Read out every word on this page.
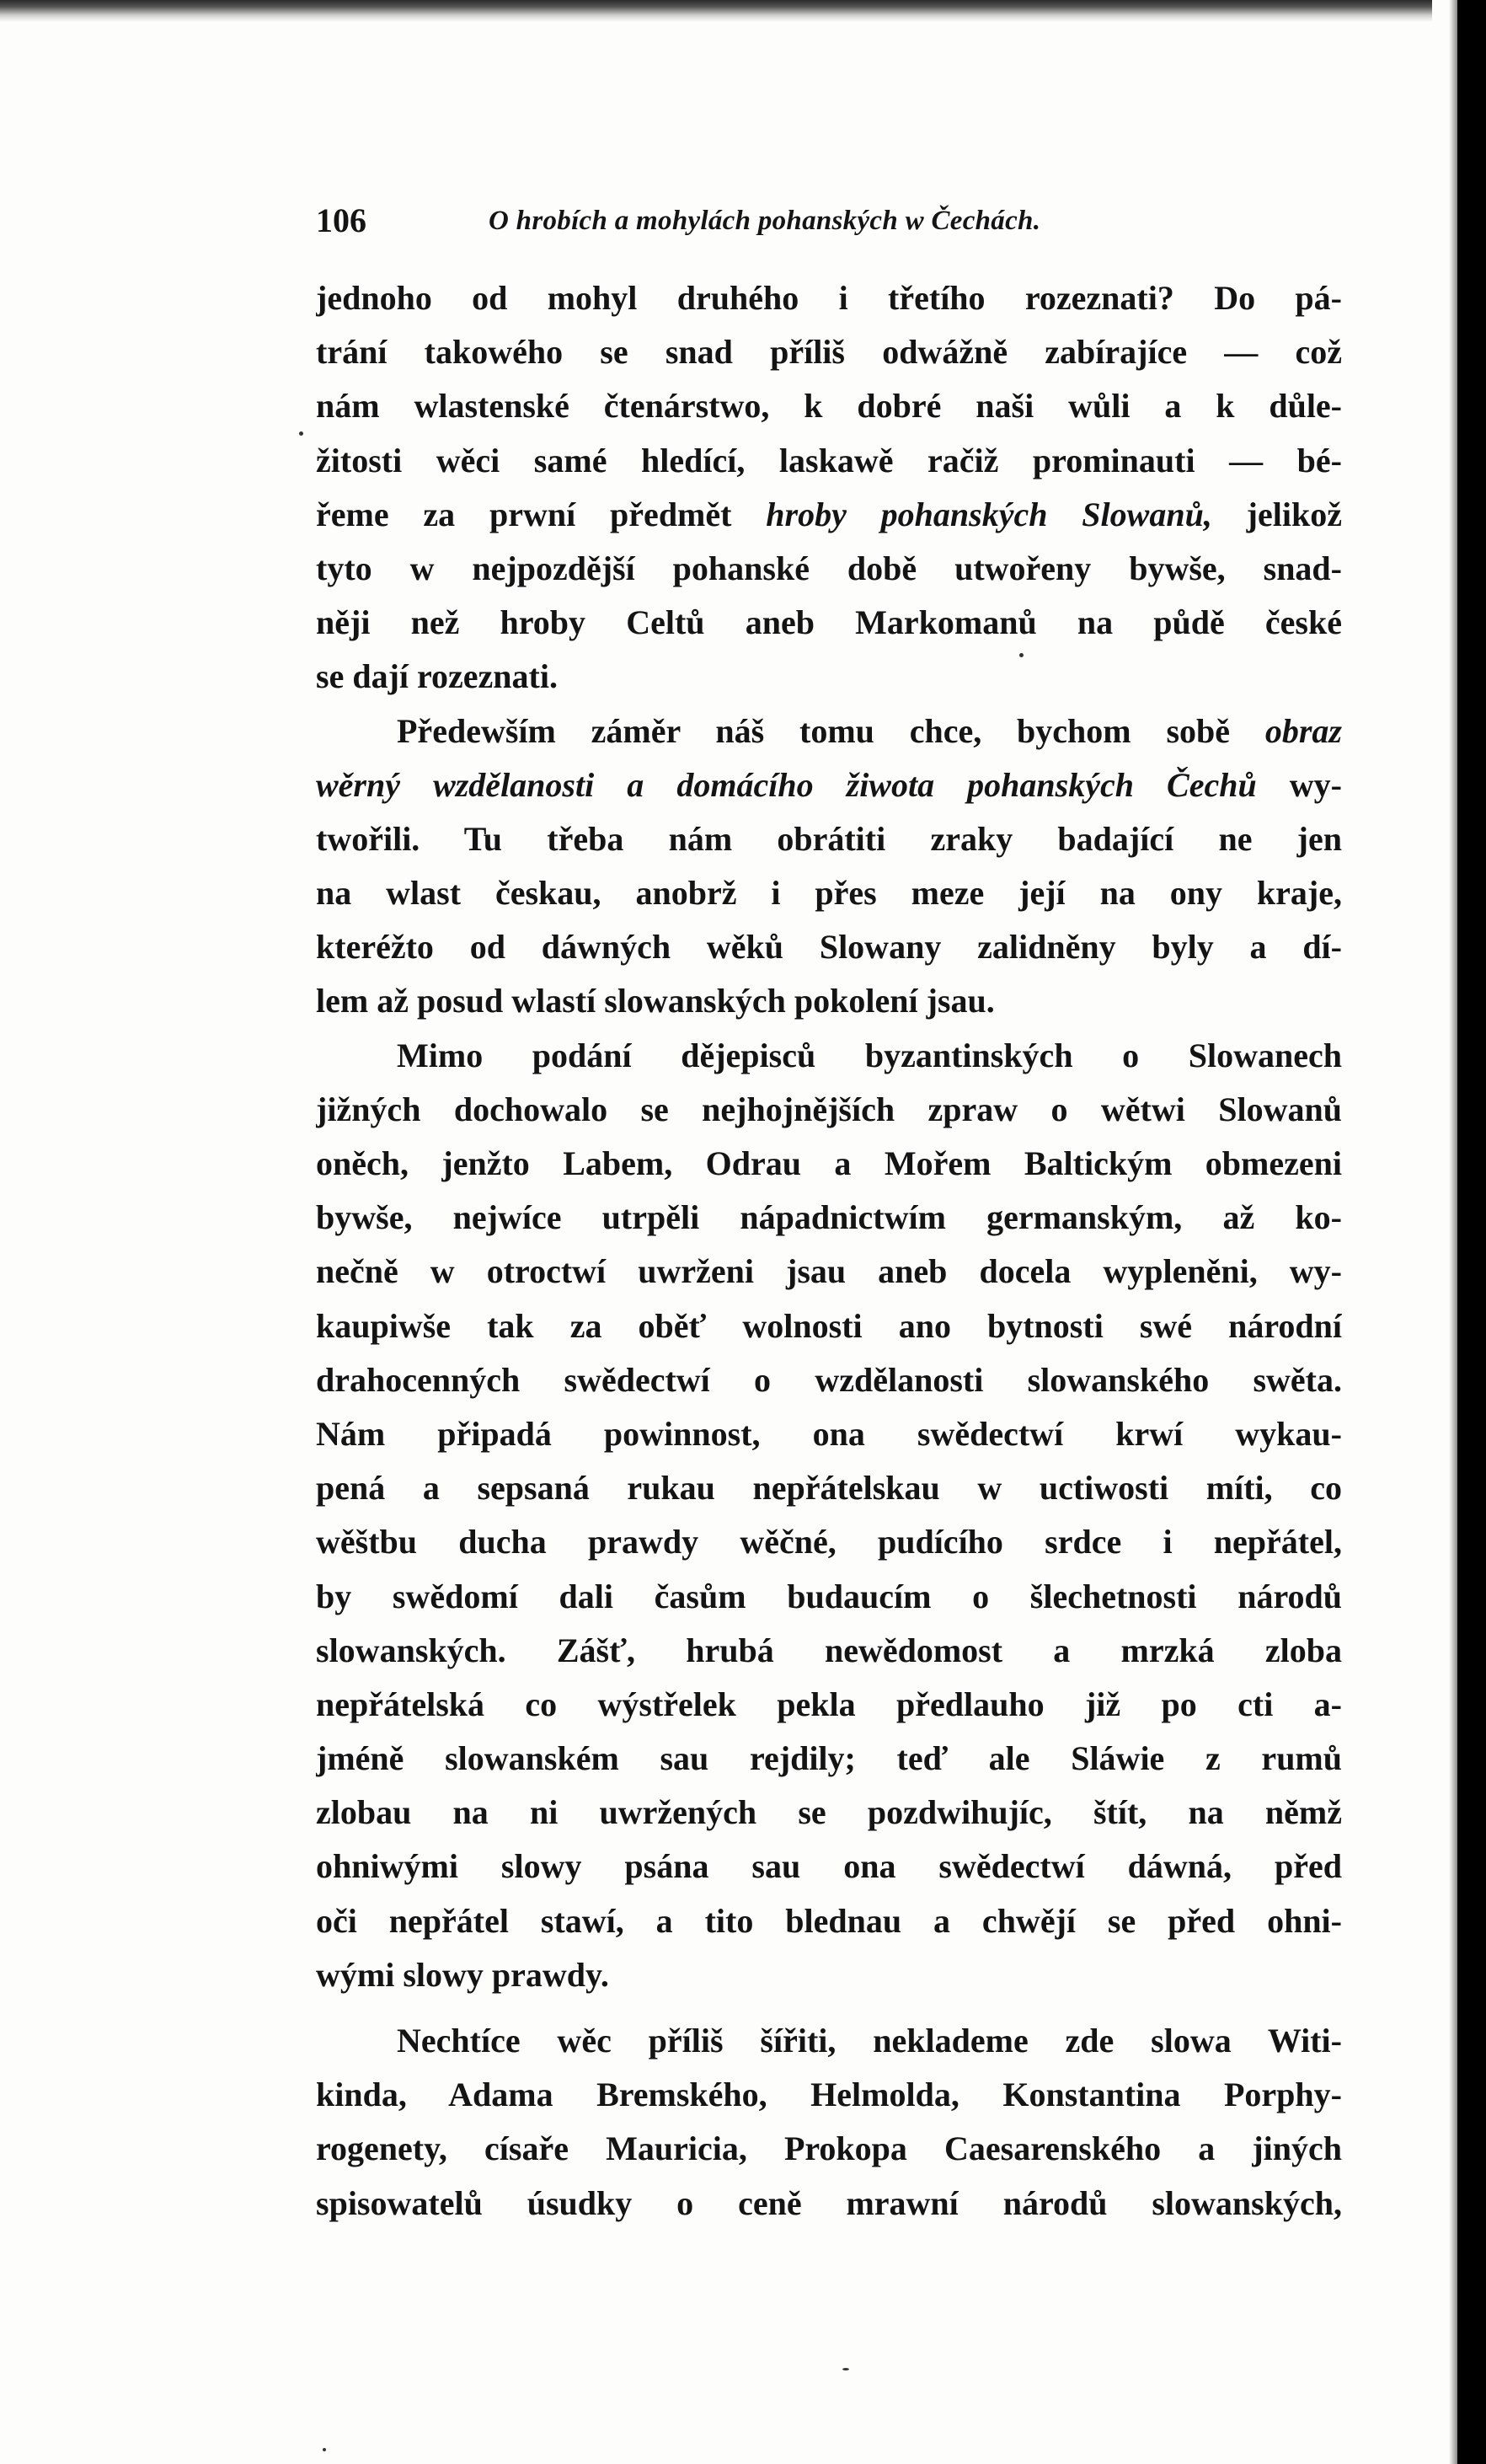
106	O hrobích a mohylách pohanských w Čechách.
jednoho od mohyl druhého i třetího rozeznati? Do pá-
trání takowého se snad příliš odwážně zabírajíce — což
nám wlastenské čtenárstwo, k dobré naši wůli a k důle-
žitosti wěci samé hledící, laskawě račiž prominauti — bé-
řeme za prwní předmět hroby pohanských Slowanů, jelikož
tyto w nejpozdější pohanské době utwořeny bywše, snad-
něji než hroby Celtů aneb Markomanů na půdě české
se dají rozeznati.
Předewším záměr náš tomu chce, bychom sobě obraz
wěrný wzdělanosti a domácího žiwota pohanských Čechů wy-
twořili. Tu třeba nám obrátiti zraky badající ne jen
na wlast českau, anobrž i přes meze její na ony kraje,
kteréžto od dáwných wěků Slowany zalidněny byly a dí-
lem až posud wlastí slowanských pokolení jsau.
Mimo podání dějepisců byzantinských o Slowanech
jižných dochowalo se nejhojnějších zpraw o wětwi Slowanů
oněch, jenžto Labem, Odrau a Mořem Baltickým obmezeni
bywše, nejwíce utrpěli nápadnictwím germanským, až ko-
nečně w otroctwí uwrženi jsau aneb docela wypleněni, wy-
kaupiwše tak za oběť wolnosti ano bytnosti swé národní
drahocenných swědectwí o wzdělanosti slowanského swěta.
Nám připadá powinnost, ona swědectwí krwí wykau-
pená a sepsaná rukau nepřátelskau w uctiwosti míti, co
wěštbu ducha prawdy wěčné, pudícího srdce i nepřátel,
by swědomí dali časům budaucím o šlechetnosti národů
slowanských. Zášť, hrubá newědomost a mrzká zloba
nepřátelská co wýstřelek pekla předlauho již po cti a-
jméně slowanském sau rejdily; teď ale Sláwie z rumů
zlobau na ni uwržených se pozdwihujíc, štít, na němž
ohniwými slowy psána sau ona swědectwí dáwná, před
oči nepřátel stawí, a tito blednau a chwějí se před ohni-
wými slowy prawdy.
Nechtíce wěc příliš šířiti, neklademe zde slowa Witi-
kinda, Adama Bremského, Helmolda, Konstantina Porphy-
rogenety, císaře Mauricia, Prokopa Caesarenského a jiných
spisowatelů úsudky o ceně mrawní národů slowanských,
